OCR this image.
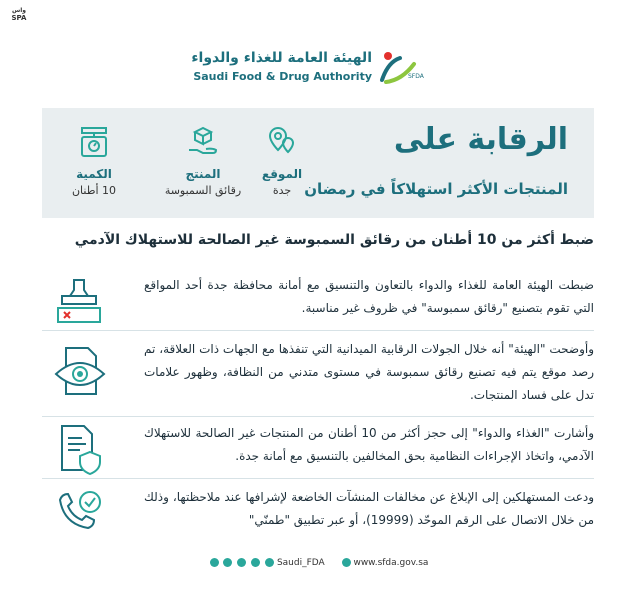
واس
SPA
الهيئة العامة للغذاء والدواء
Saudi Food & Drug Authority	SFDA
الرقابة على
المنتجات الأكثر استهلاكاً في رمضان
الموقع
جدة
المنتج
رقائق السمبوسة
الكمية
10 أطنان
ضبط أكثر من 10 أطنان من رقائق السمبوسة غير الصالحة للاستهلاك الآدمي
ضبطت الهيئة العامة للغذاء والدواء بالتعاون والتنسيق مع أمانة محافظة جدة أحد المواقع التي تقوم بتصنيع "رقائق سمبوسة" في ظروف غير مناسبة.
وأوضحت "الهيئة" أنه خلال الجولات الرقابية الميدانية التي تنفذها مع الجهات ذات العلاقة، تم رصد موقع يتم فيه تصنيع رقائق سمبوسة في مستوى متدني من النظافة، وظهور علامات تدل على فساد المنتجات.
وأشارت "الغذاء والدواء" إلى حجز أكثر من 10 أطنان من المنتجات غير الصالحة للاستهلاك الآدمي، واتخاذ الإجراءات النظامية بحق المخالفين بالتنسيق مع أمانة جدة.
ودعت المستهلكين إلى الإبلاغ عن مخالفات المنشآت الخاضعة لإشرافها عند ملاحظتها، وذلك من خلال الاتصال على الرقم الموحّد (19999)، أو عبر تطبيق "طمنّي"
Saudi_FDA	www.sfda.gov.sa
